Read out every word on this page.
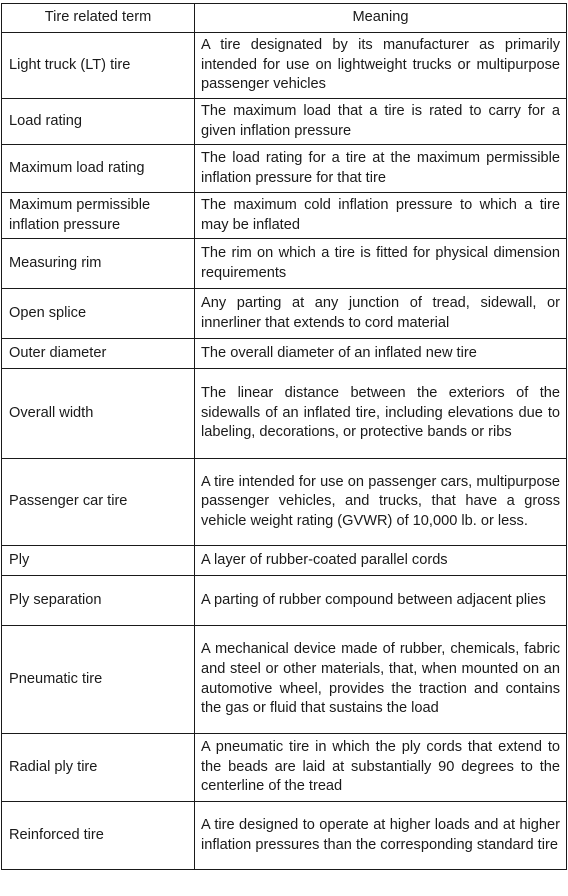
Tire related term	Meaning
Light truck (LT) tire	A tire designated by its manufacturer as primarily intended for use on lightweight trucks or multipurpose passenger vehicles
Load rating	The maximum load that a tire is rated to carry for a given inflation pressure
Maximum load rating	The load rating for a tire at the maximum permissible inflation pressure for that tire
Maximum permissible inflation pressure	The maximum cold inflation pressure to which a tire may be inflated
Measuring rim	The rim on which a tire is fitted for physical dimension requirements
Open splice	Any parting at any junction of tread, sidewall, or innerliner that extends to cord material
Outer diameter	The overall diameter of an inflated new tire
Overall width	The linear distance between the exteriors of the sidewalls of an inflated tire, including elevations due to labeling, decorations, or protective bands or ribs
Passenger car tire	A tire intended for use on passenger cars, multipurpose passenger vehicles, and trucks, that have a gross vehicle weight rating (GVWR) of 10,000 lb. or less.
Ply	A layer of rubber-coated parallel cords
Ply separation	A parting of rubber compound between adjacent plies
Pneumatic tire	A mechanical device made of rubber, chemicals, fabric and steel or other materials, that, when mounted on an automotive wheel, provides the traction and contains the gas or fluid that sustains the load
Radial ply tire	A pneumatic tire in which the ply cords that extend to the beads are laid at substantially 90 degrees to the centerline of the tread
Reinforced tire	A tire designed to operate at higher loads and at higher inflation pressures than the corresponding standard tire
